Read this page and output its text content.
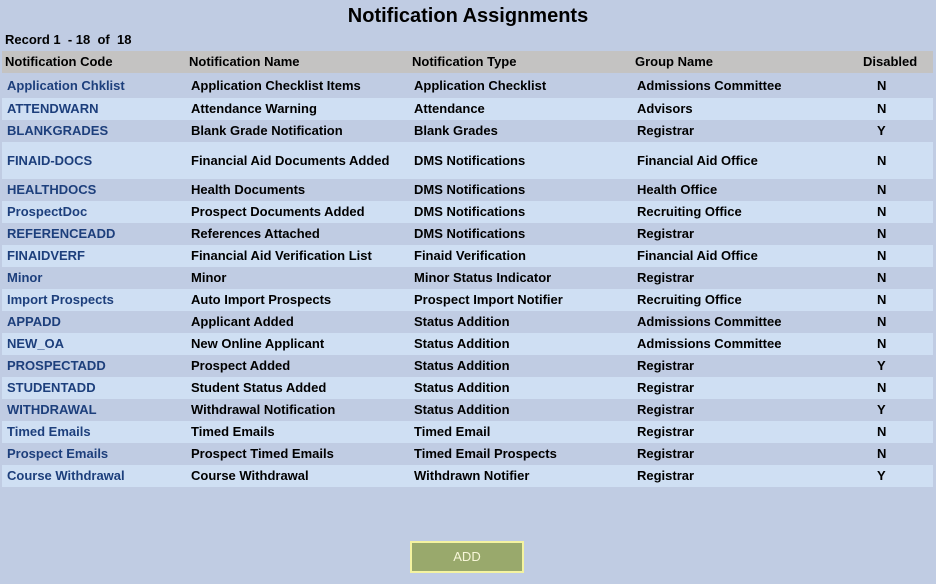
Notification Assignments
Record 1  - 18  of  18
Notification Code	Notification Name	Notification Type	Group Name	Disabled
Application Chklist	Application Checklist Items	Application Checklist	Admissions Committee	N
ATTENDWARN	Attendance Warning	Attendance	Advisors	N
BLANKGRADES	Blank Grade Notification	Blank Grades	Registrar	Y
FINAID-DOCS	Financial Aid Documents Added	DMS Notifications	Financial Aid Office	N
HEALTHDOCS	Health Documents	DMS Notifications	Health Office	N
ProspectDoc	Prospect Documents Added	DMS Notifications	Recruiting Office	N
REFERENCEADD	References Attached	DMS Notifications	Registrar	N
FINAIDVERF	Financial Aid Verification List	Finaid Verification	Financial Aid Office	N
Minor	Minor	Minor Status Indicator	Registrar	N
Import Prospects	Auto Import Prospects	Prospect Import Notifier	Recruiting Office	N
APPADD	Applicant Added	Status Addition	Admissions Committee	N
NEW_OA	New Online Applicant	Status Addition	Admissions Committee	N
PROSPECTADD	Prospect Added	Status Addition	Registrar	Y
STUDENTADD	Student Status Added	Status Addition	Registrar	N
WITHDRAWAL	Withdrawal Notification	Status Addition	Registrar	Y
Timed Emails	Timed Emails	Timed Email	Registrar	N
Prospect Emails	Prospect Timed Emails	Timed Email Prospects	Registrar	N
Course Withdrawal	Course Withdrawal	Withdrawn Notifier	Registrar	Y
ADD
